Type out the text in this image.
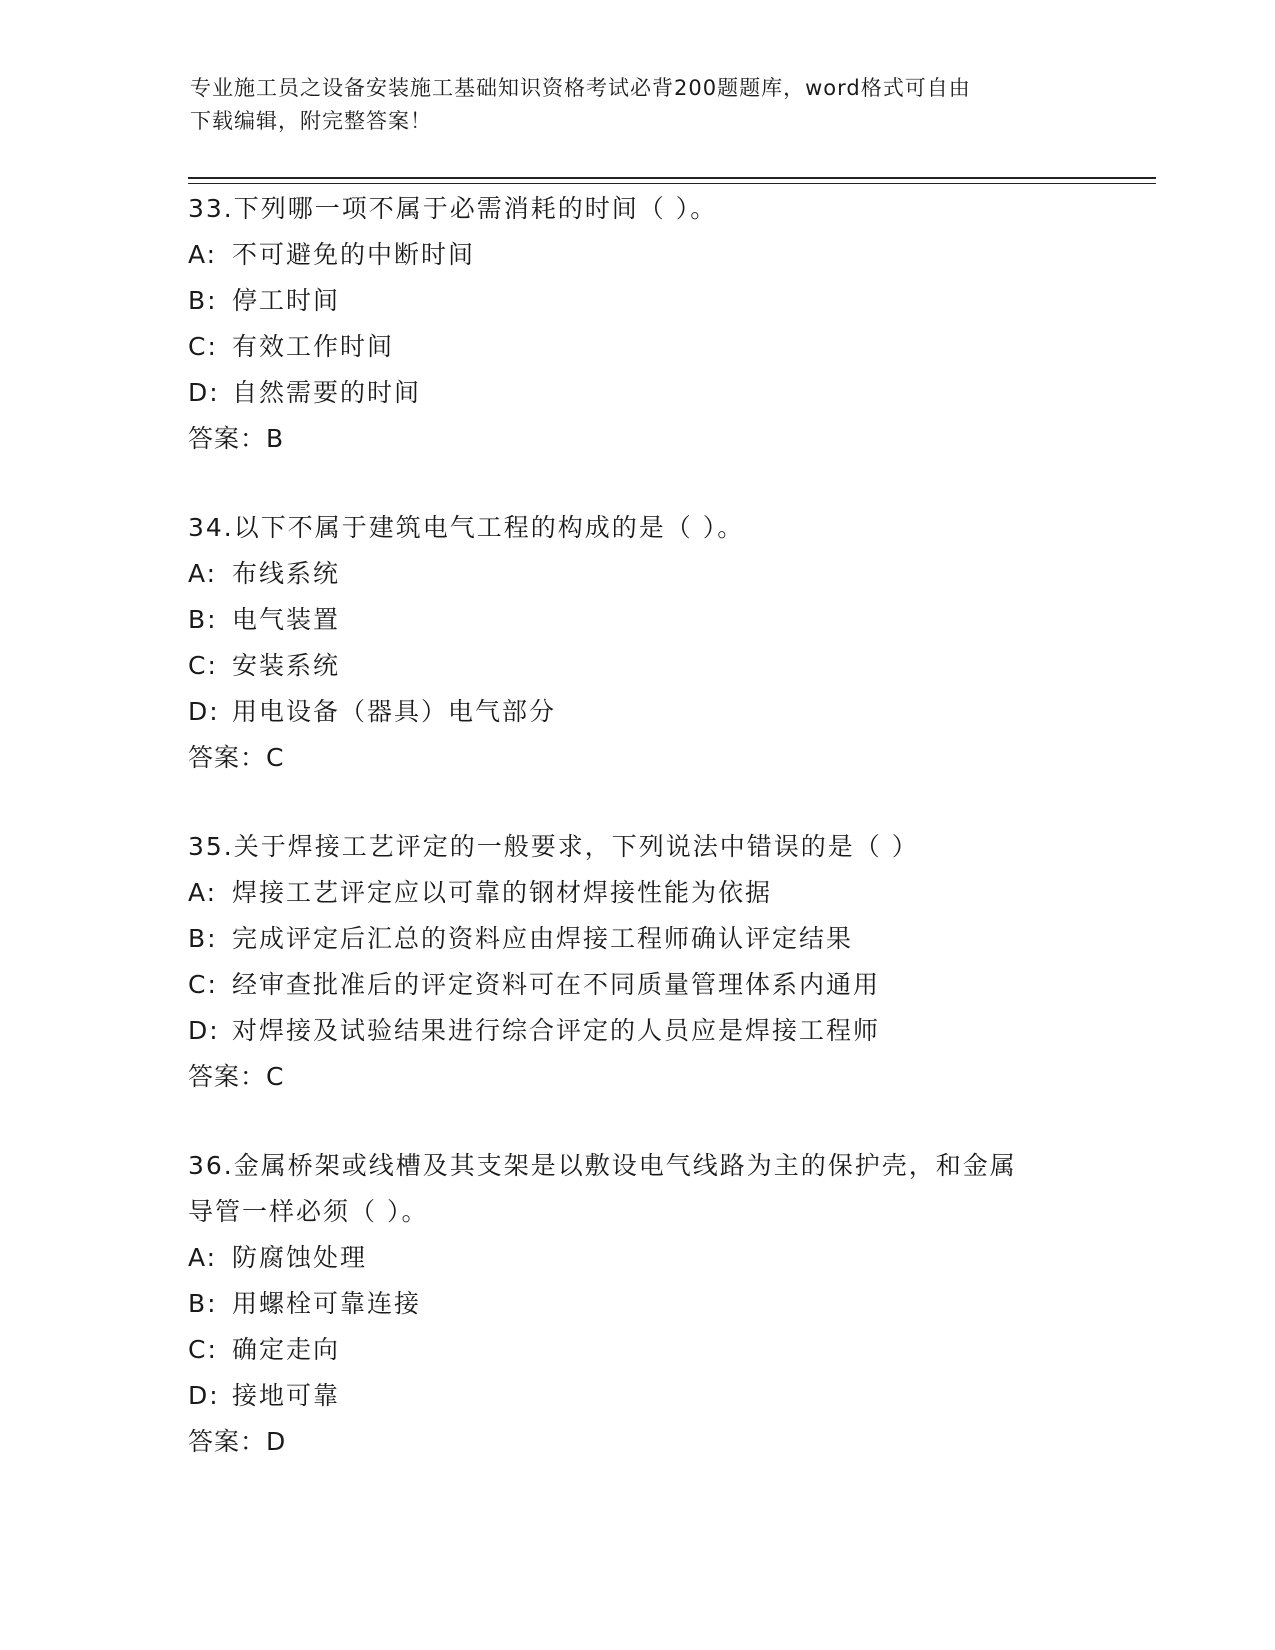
专业施工员之设备安装施工基础知识资格考试必背200题题库，word格式可自由
下载编辑，附完整答案！
33.下列哪一项不属于必需消耗的时间（ ）。
A: 不可避免的中断时间
B: 停工时间
C: 有效工作时间
D: 自然需要的时间
答案：B
34.以下不属于建筑电气工程的构成的是（ ）。
A: 布线系统
B: 电气装置
C: 安装系统
D: 用电设备（器具）电气部分
答案：C
35.关于焊接工艺评定的一般要求，下列说法中错误的是（ ）
A: 焊接工艺评定应以可靠的钢材焊接性能为依据
B: 完成评定后汇总的资料应由焊接工程师确认评定结果
C: 经审查批准后的评定资料可在不同质量管理体系内通用
D: 对焊接及试验结果进行综合评定的人员应是焊接工程师
答案：C
36.金属桥架或线槽及其支架是以敷设电气线路为主的保护壳，和金属
导管一样必须（ ）。
A: 防腐蚀处理
B: 用螺栓可靠连接
C: 确定走向
D: 接地可靠
答案：D
